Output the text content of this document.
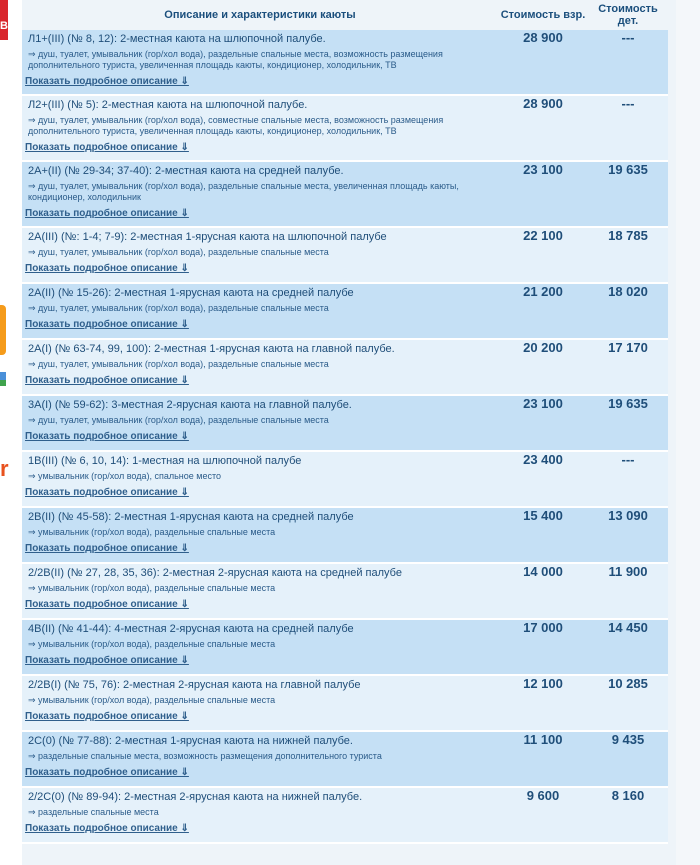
В
r
Описание и характеристики каюты	Стоимость взр.	Стоимость дет.

Л1+(III) (№ 8, 12): 2-местная каюта на шлюпочной палубе.
⇒ душ, туалет, умывальник (гор/хол вода), раздельные спальные места, возможность размещения дополнительного туриста, увеличенная площадь каюты, кондиционер, холодильник, ТВ
Показать подробное описание ⇓	28 900	---

Л2+(III) (№ 5): 2-местная каюта на шлюпочной палубе.
⇒ душ, туалет, умывальник (гор/хол вода), совместные спальные места, возможность размещения дополнительного туриста, увеличенная площадь каюты, кондиционер, холодильник, ТВ
Показать подробное описание ⇓	28 900	---

2А+(II) (№ 29-34; 37-40): 2-местная каюта на средней палубе.
⇒ душ, туалет, умывальник (гор/хол вода), раздельные спальные места, увеличенная площадь каюты, кондиционер, холодильник
Показать подробное описание ⇓	23 100	19 635

2А(III) (№: 1-4; 7-9): 2-местная 1-ярусная каюта на шлюпочной палубе
⇒ душ, туалет, умывальник (гор/хол вода), раздельные спальные места
Показать подробное описание ⇓	22 100	18 785

2А(II) (№ 15-26): 2-местная 1-ярусная каюта на средней палубе
⇒ душ, туалет, умывальник (гор/хол вода), раздельные спальные места
Показать подробное описание ⇓	21 200	18 020

2А(I) (№ 63-74, 99, 100): 2-местная 1-ярусная каюта на главной палубе.
⇒ душ, туалет, умывальник (гор/хол вода), раздельные спальные места
Показать подробное описание ⇓	20 200	17 170

3А(I) (№ 59-62): 3-местная 2-ярусная каюта на главной палубе.
⇒ душ, туалет, умывальник (гор/хол вода), раздельные спальные места
Показать подробное описание ⇓	23 100	19 635

1В(III) (№ 6, 10, 14): 1-местная на шлюпочной палубе
⇒ умывальник (гор/хол вода), спальное место
Показать подробное описание ⇓	23 400	---

2В(II) (№ 45-58): 2-местная 1-ярусная каюта на средней палубе
⇒ умывальник (гор/хол вода), раздельные спальные места
Показать подробное описание ⇓	15 400	13 090

2/2В(II) (№ 27, 28, 35, 36): 2-местная 2-ярусная каюта на средней палубе
⇒ умывальник (гор/хол вода), раздельные спальные места
Показать подробное описание ⇓	14 000	11 900

4В(II) (№ 41-44): 4-местная 2-ярусная каюта на средней палубе
⇒ умывальник (гор/хол вода), раздельные спальные места
Показать подробное описание ⇓	17 000	14 450

2/2В(I) (№ 75, 76): 2-местная 2-ярусная каюта на главной палубе
⇒ умывальник (гор/хол вода), раздельные спальные места
Показать подробное описание ⇓	12 100	10 285

2С(0) (№ 77-88): 2-местная 1-ярусная каюта на нижней палубе.
⇒ раздельные спальные места, возможность размещения дополнительного туриста
Показать подробное описание ⇓	11 100	9 435

2/2С(0) (№ 89-94): 2-местная 2-ярусная каюта на нижней палубе.
⇒ раздельные спальные места
Показать подробное описание ⇓	9 600	8 160
